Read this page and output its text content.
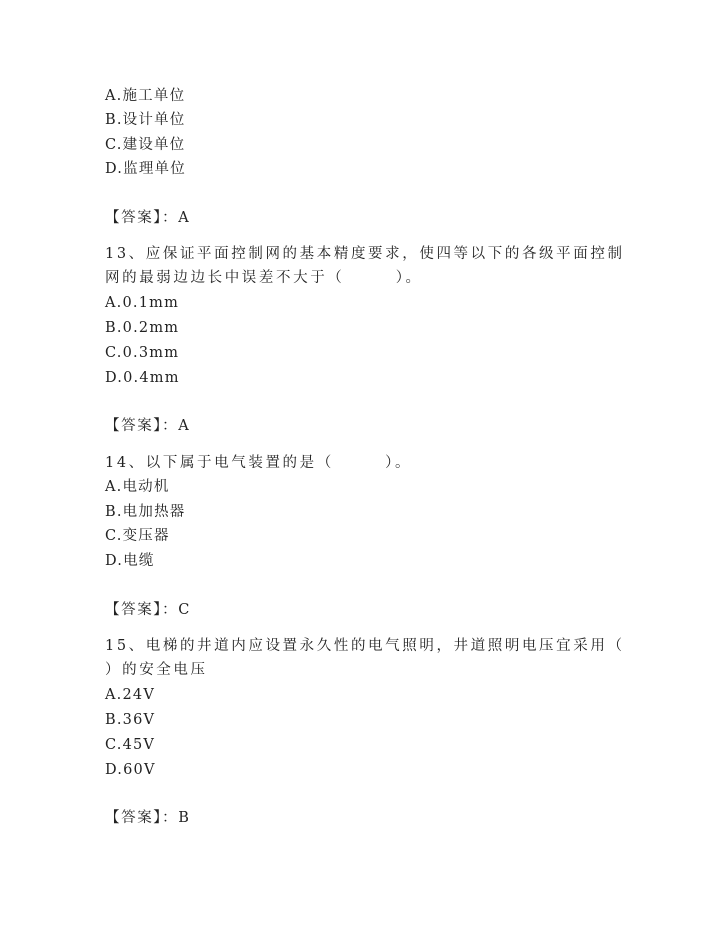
A.施工单位
B.设计单位
C.建设单位
D.监理单位
【答案】：A
13、应保证平面控制网的基本精度要求，使四等以下的各级平面控制
网的最弱边边长中误差不大于（　　　）。
A.0.1mm
B.0.2mm
C.0.3mm
D.0.4mm
【答案】：A
14、以下属于电气装置的是（　　　）。
A.电动机
B.电加热器
C.变压器
D.电缆
【答案】：C
15、电梯的井道内应设置永久性的电气照明，井道照明电压宜采用（
）的安全电压
A.24V
B.36V
C.45V
D.60V
【答案】：B
